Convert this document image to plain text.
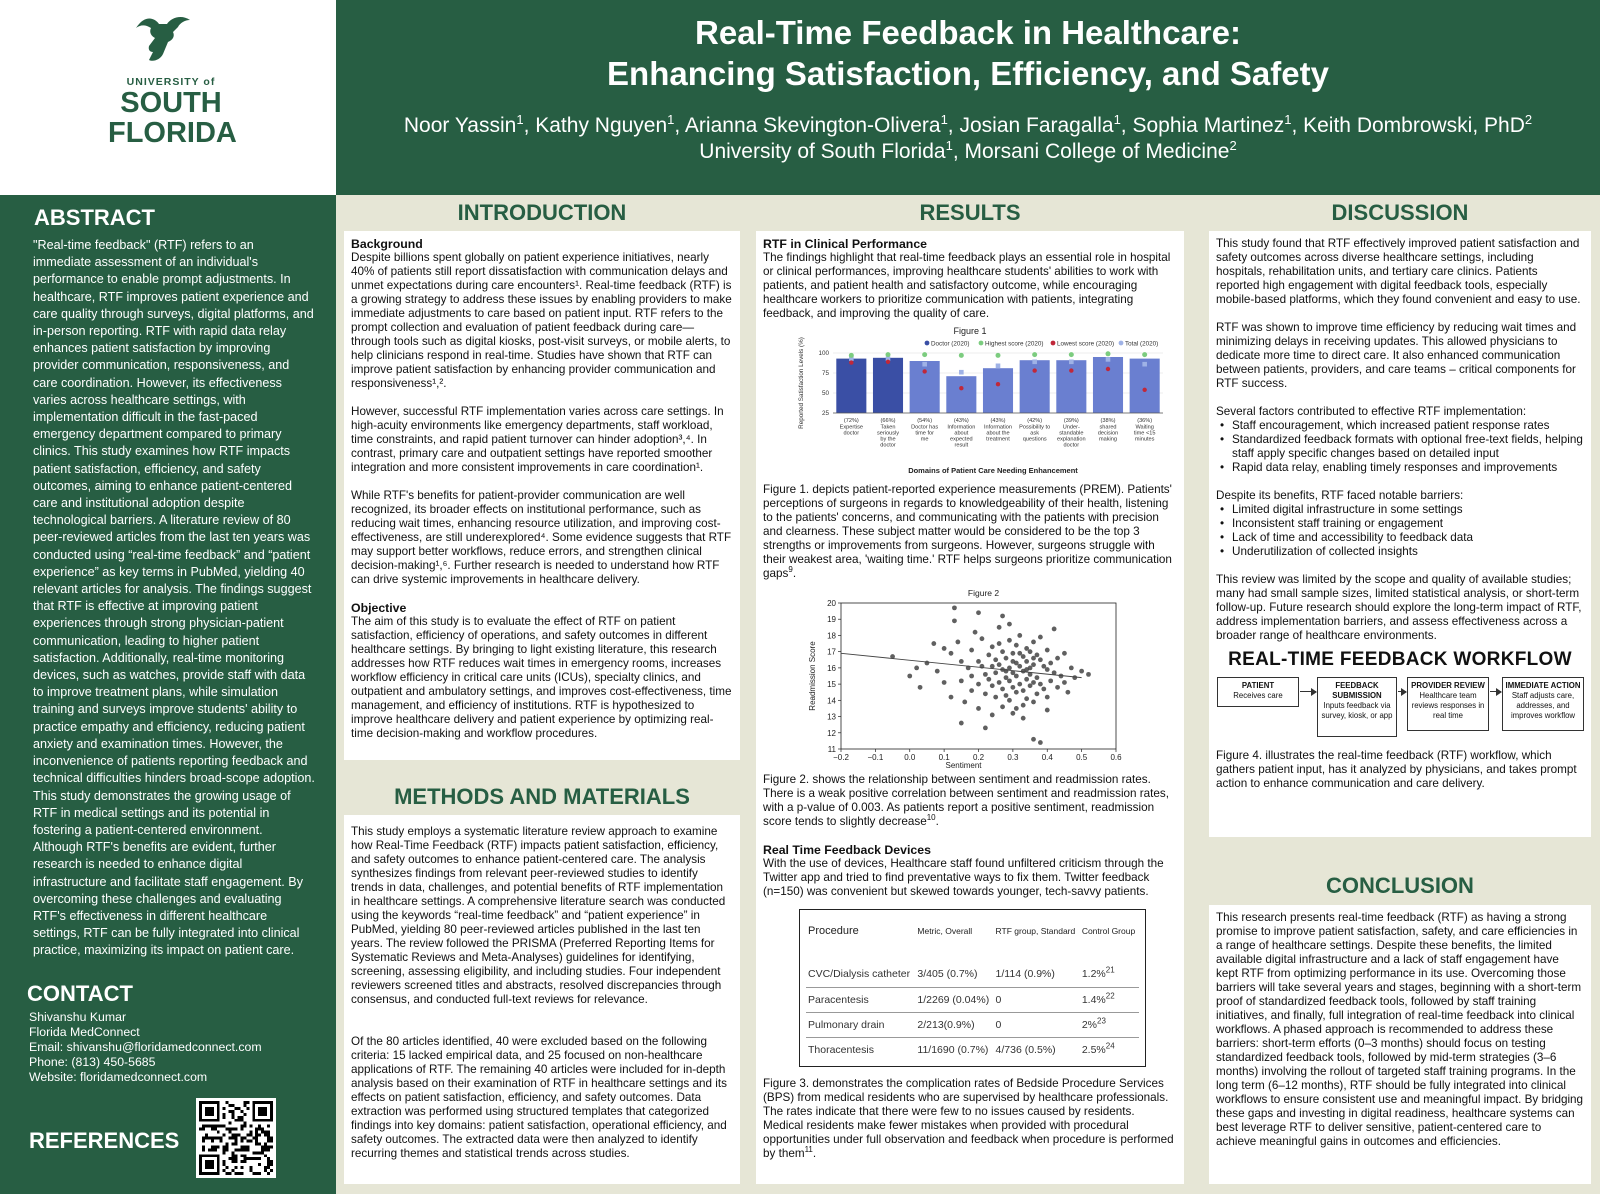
UNIVERSITY of
SOUTH
FLORIDA
Real-Time Feedback in Healthcare:
Enhancing Satisfaction, Efficiency, and Safety
Noor Yassin$^1$, Kathy Nguyen$^1$, Arianna Skevington-Olivera$^1$, Josian Faragalla$^1$, Sophia Martinez$^1$, Keith Dombrowski, PhD$^2$
University of South Florida$^1$, Morsani College of Medicine$^2$
ABSTRACT
"Real-time feedback" (RTF) refers to an immediate assessment of an individual's performance to enable prompt adjustments. In healthcare, RTF improves patient experience and care quality through surveys, digital platforms, and in-person reporting. RTF with rapid data relay enhances patient satisfaction by improving provider communication, responsiveness, and care coordination. However, its effectiveness varies across healthcare settings, with implementation difficult in the fast-paced emergency department compared to primary clinics. This study examines how RTF impacts patient satisfaction, efficiency, and safety outcomes, aiming to enhance patient-centered care and institutional adoption despite technological barriers. A literature review of 80 peer-reviewed articles from the last ten years was conducted using “real-time feedback” and “patient experience” as key terms in PubMed, yielding 40 relevant articles for analysis. The findings suggest that RTF is effective at improving patient experiences through strong physician-patient communication, leading to higher patient satisfaction. Additionally, real-time monitoring devices, such as watches, provide staff with data to improve treatment plans, while simulation training and surveys improve students' ability to practice empathy and efficiency, reducing patient anxiety and examination times. However, the inconvenience of patients reporting feedback and technical difficulties hinders broad-scope adoption. This study demonstrates the growing usage of RTF in medical settings and its potential in fostering a patient-centered environment. Although RTF's benefits are evident, further research is needed to enhance digital infrastructure and facilitate staff engagement. By overcoming these challenges and evaluating RTF's effectiveness in different healthcare settings, RTF can be fully integrated into clinical practice, maximizing its impact on patient care.
CONTACT
Shivanshu Kumar
Florida MedConnect
Email: shivanshu@floridamedconnect.com
Phone: (813) 450-5685
Website: floridamedconnect.com
REFERENCES
INTRODUCTION
METHODS AND MATERIALS
RESULTS	DISCUSSION
CONCLUSION
Background

Despite billions spent globally on patient experience initiatives, nearly 40% of patients still report dissatisfaction with communication delays and unmet expectations during care encounters¹. Real-time feedback (RTF) is a growing strategy to address these issues by enabling providers to make immediate adjustments to care based on patient input. RTF refers to the prompt collection and evaluation of patient feedback during care—through tools such as digital kiosks, post-visit surveys, or mobile alerts, to help clinicians respond in real-time. Studies have shown that RTF can improve patient satisfaction by enhancing provider communication and responsiveness¹,².

However, successful RTF implementation varies across care settings. In high-acuity environments like emergency departments, staff workload, time constraints, and rapid patient turnover can hinder adoption³,⁴. In contrast, primary care and outpatient settings have reported smoother integration and more consistent improvements in care coordination¹.

While RTF's benefits for patient-provider communication are well recognized, its broader effects on institutional performance, such as reducing wait times, enhancing resource utilization, and improving cost-effectiveness, are still underexplored⁴. Some evidence suggests that RTF may support better workflows, reduce errors, and strengthen clinical decision-making¹,⁶. Further research is needed to understand how RTF can drive systemic improvements in healthcare delivery.

Objective

The aim of this study is to evaluate the effect of RTF on patient satisfaction, efficiency of operations, and safety outcomes in different healthcare settings. By bringing to light existing literature, this research addresses how RTF reduces wait times in emergency rooms, increases workflow efficiency in critical care units (ICUs), specialty clinics, and outpatient and ambulatory settings, and improves cost-effectiveness, time management, and efficiency of institutions. RTF is hypothesized to improve healthcare delivery and patient experience by optimizing real-time decision-making and workflow procedures.

This study employs a systematic literature review approach to examine how Real-Time Feedback (RTF) impacts patient satisfaction, efficiency, and safety outcomes to enhance patient-centered care. The analysis synthesizes findings from relevant peer-reviewed studies to identify trends in data, challenges, and potential benefits of RTF implementation in healthcare settings. A comprehensive literature search was conducted using the keywords “real-time feedback” and “patient experience” in PubMed, yielding 80 peer-reviewed articles published in the last ten years. The review followed the PRISMA (Preferred Reporting Items for Systematic Reviews and Meta-Analyses) guidelines for identifying, screening, assessing eligibility, and including studies. Four independent reviewers screened titles and abstracts, resolved discrepancies through consensus, and conducted full-text reviews for relevance.

Of the 80 articles identified, 40 were excluded based on the following criteria: 15 lacked empirical data, and 25 focused on non-healthcare applications of RTF. The remaining 40 articles were included for in-depth analysis based on their examination of RTF in healthcare settings and its effects on patient satisfaction, efficiency, and safety outcomes. Data extraction was performed using structured templates that categorized findings into key domains: patient satisfaction, operational efficiency, and safety outcomes. The extracted data were then analyzed to identify recurring themes and statistical trends across studies.

RTF in Clinical Performance

The findings highlight that real-time feedback plays an essential role in hospital or clinical performances, improving healthcare students' abilities to work with patients, and patient health and satisfactory outcome, while encouraging healthcare workers to prioritize communication with patients, integrating feedback, and improving the quality of care.

Figure 1
Doctor (2020) Highest score (2020) Lowest score (2020) Total (2020)
Reported Satisfaction Levels (%)	25
50
75
100
(72%)
Expertise
doctor
(66%)
Taken
seriously
by the
doctor
(54%)
Doctor has
time for
me
(43%)
Information
about
expected
result
(43%)
Information
about the
treatment
(42%)
Possibility to
ask
questions
(39%)
Under-
standable
explanation
doctor
(38%)
shared
decision
making
(36%)
Waiting
time <15
minutes
Domains of Patient Care Needing Enhancement

Figure 1. depicts patient-reported experience measurements (PREM). Patients' perceptions of surgeons in regards to knowledgeability of their health, listening to the patients' concerns, and communicating with the patients with precision and clearness. These subject matter would be considered to be the top 3 strengths or improvements from surgeons. However, surgeons struggle with their weakest area, 'waiting time.' RTF helps surgeons prioritize communication gaps$^9$.

Figure 2
11
12
13
14
15
16
17
18
19
20
−0.2 −0.1	0.0	0.1	0.2	0.3	0.4	0.5	0.6
Sentiment
Readmission Score

Figure 2. shows the relationship between sentiment and readmission rates. There is a weak positive correlation between sentiment and readmission rates, with a p-value of 0.003. As patients report a positive sentiment, readmission score tends to slightly decrease$^{10}$.

Real Time Feedback Devices

With the use of devices, Healthcare staff found unfiltered criticism through the Twitter app and tried to find preventative ways to fix them. Twitter feedback (n=150) was convenient but skewed towards younger, tech-savvy patients.

Procedure	Metric, Overall	RTF group, Standard	Control Group
CVC/Dialysis catheter	3/405 (0.7%)	1/114 (0.9%)	1.2%$^{21}$
Paracentesis	1/2269 (0.04%)	0	1.4%$^{22}$
Pulmonary drain	2/213(0.9%)	0	2%$^{23}$
Thoracentesis	11/1690 (0.7%)	4/736 (0.5%)	2.5%$^{24}$

Figure 3. demonstrates the complication rates of Bedside Procedure Services (BPS) from medical residents who are supervised by healthcare professionals. The rates indicate that there were few to no issues caused by residents. Medical residents make fewer mistakes when provided with procedural opportunities under full observation and feedback when procedure is performed by them$^{11}$.

This study found that RTF effectively improved patient satisfaction and safety outcomes across diverse healthcare settings, including hospitals, rehabilitation units, and tertiary care clinics. Patients reported high engagement with digital feedback tools, especially mobile-based platforms, which they found convenient and easy to use.

RTF was shown to improve time efficiency by reducing wait times and minimizing delays in receiving updates. This allowed physicians to dedicate more time to direct care. It also enhanced communication between patients, providers, and care teams – critical components for RTF success.

Several factors contributed to effective RTF implementation:
• Staff encouragement, which increased patient response rates
• Standardized feedback formats with optional free-text fields, helping staff apply specific changes based on detailed input
• Rapid data relay, enabling timely responses and improvements
Despite its benefits, RTF faced notable barriers:
• Limited digital infrastructure in some settings
• Inconsistent staff training or engagement
• Lack of time and accessibility to feedback data
• Underutilization of collected insights

This review was limited by the scope and quality of available studies; many had small sample sizes, limited statistical analysis, or short-term follow-up. Future research should explore the long-term impact of RTF, address implementation barriers, and assess effectiveness across a broader range of healthcare environments.

REAL-TIME FEEDBACK WORKFLOW
PATIENT
Receives care
FEEDBACK SUBMISSION
Inputs feedback via survey, kiosk, or app
PROVIDER REVIEW
Healthcare team reviews responses in real time
IMMEDIATE ACTION
Staff adjusts care, addresses, and improves workflow

Figure 4. illustrates the real-time feedback (RTF) workflow, which gathers patient input, has it analyzed by physicians, and takes prompt action to enhance communication and care delivery.

This research presents real-time feedback (RTF) as having a strong promise to improve patient satisfaction, safety, and care efficiencies in a range of healthcare settings. Despite these benefits, the limited available digital infrastructure and a lack of staff engagement have kept RTF from optimizing performance in its use. Overcoming those barriers will take several years and stages, beginning with a short-term proof of standardized feedback tools, followed by staff training initiatives, and finally, full integration of real-time feedback into clinical workflows. A phased approach is recommended to address these barriers: short-term efforts (0–3 months) should focus on testing standardized feedback tools, followed by mid-term strategies (3–6 months) involving the rollout of targeted staff training programs. In the long term (6–12 months), RTF should be fully integrated into clinical workflows to ensure consistent use and meaningful impact. By bridging these gaps and investing in digital readiness, healthcare systems can best leverage RTF to deliver sensitive, patient-centered care to achieve meaningful gains in outcomes and efficiencies.
